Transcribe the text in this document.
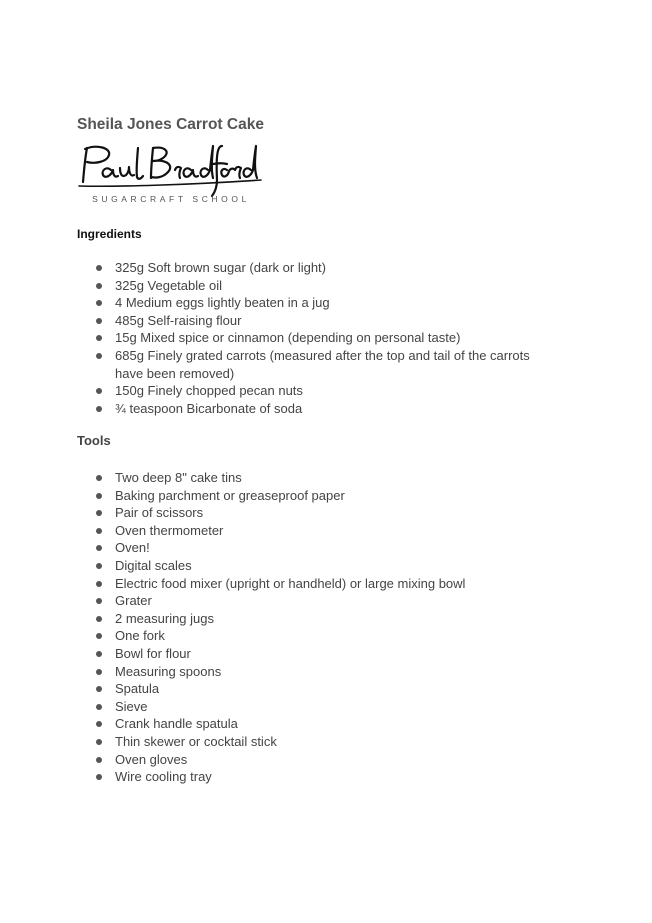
Sheila Jones Carrot Cake
SUGARCRAFT SCHOOL
Ingredients
325g Soft brown sugar (dark or light)
325g Vegetable oil
4 Medium eggs lightly beaten in a jug
485g Self-raising flour
15g Mixed spice or cinnamon (depending on personal taste)
685g Finely grated carrots (measured after the top and tail of the carrots have been removed)
150g Finely chopped pecan nuts
¾ teaspoon Bicarbonate of soda
Tools
Two deep 8" cake tins
Baking parchment or greaseproof paper
Pair of scissors
Oven thermometer
Oven!
Digital scales
Electric food mixer (upright or handheld) or large mixing bowl
Grater
2 measuring jugs
One fork
Bowl for flour
Measuring spoons
Spatula
Sieve
Crank handle spatula
Thin skewer or cocktail stick
Oven gloves
Wire cooling tray
